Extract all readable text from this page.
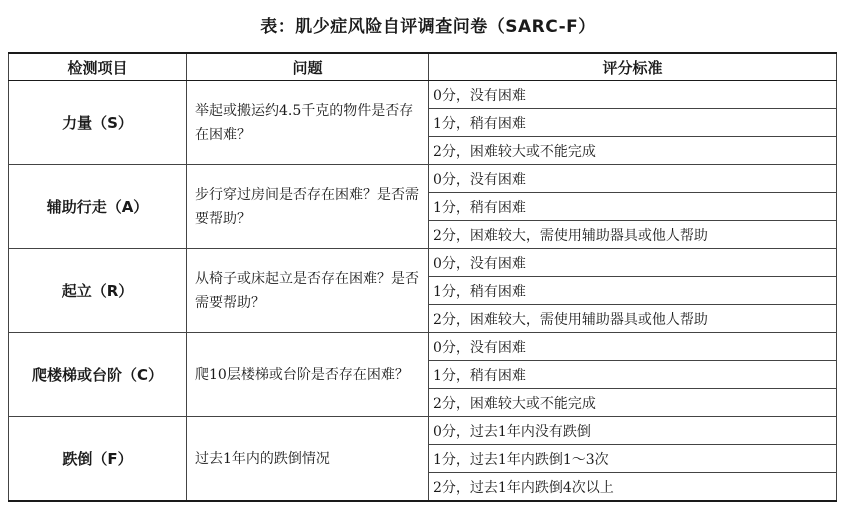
表：肌少症风险自评调查问卷（SARC-F）
检测项目	问题	评分标准
力量（S）	举起或搬运约4.5千克的物件是否存在困难？	0分，没有困难
		1分，稍有困难
		2分，困难较大或不能完成
辅助行走（A）	步行穿过房间是否存在困难？是否需要帮助？	0分，没有困难
		1分，稍有困难
		2分，困难较大，需使用辅助器具或他人帮助
起立（R）	从椅子或床起立是否存在困难？是否需要帮助？	0分，没有困难
		1分，稍有困难
		2分，困难较大，需使用辅助器具或他人帮助
爬楼梯或台阶（C）	爬10层楼梯或台阶是否存在困难？	0分，没有困难
		1分，稍有困难
		2分，困难较大或不能完成
跌倒（F）	过去1年内的跌倒情况	0分，过去1年内没有跌倒
		1分，过去1年内跌倒1～3次
		2分，过去1年内跌倒4次以上
